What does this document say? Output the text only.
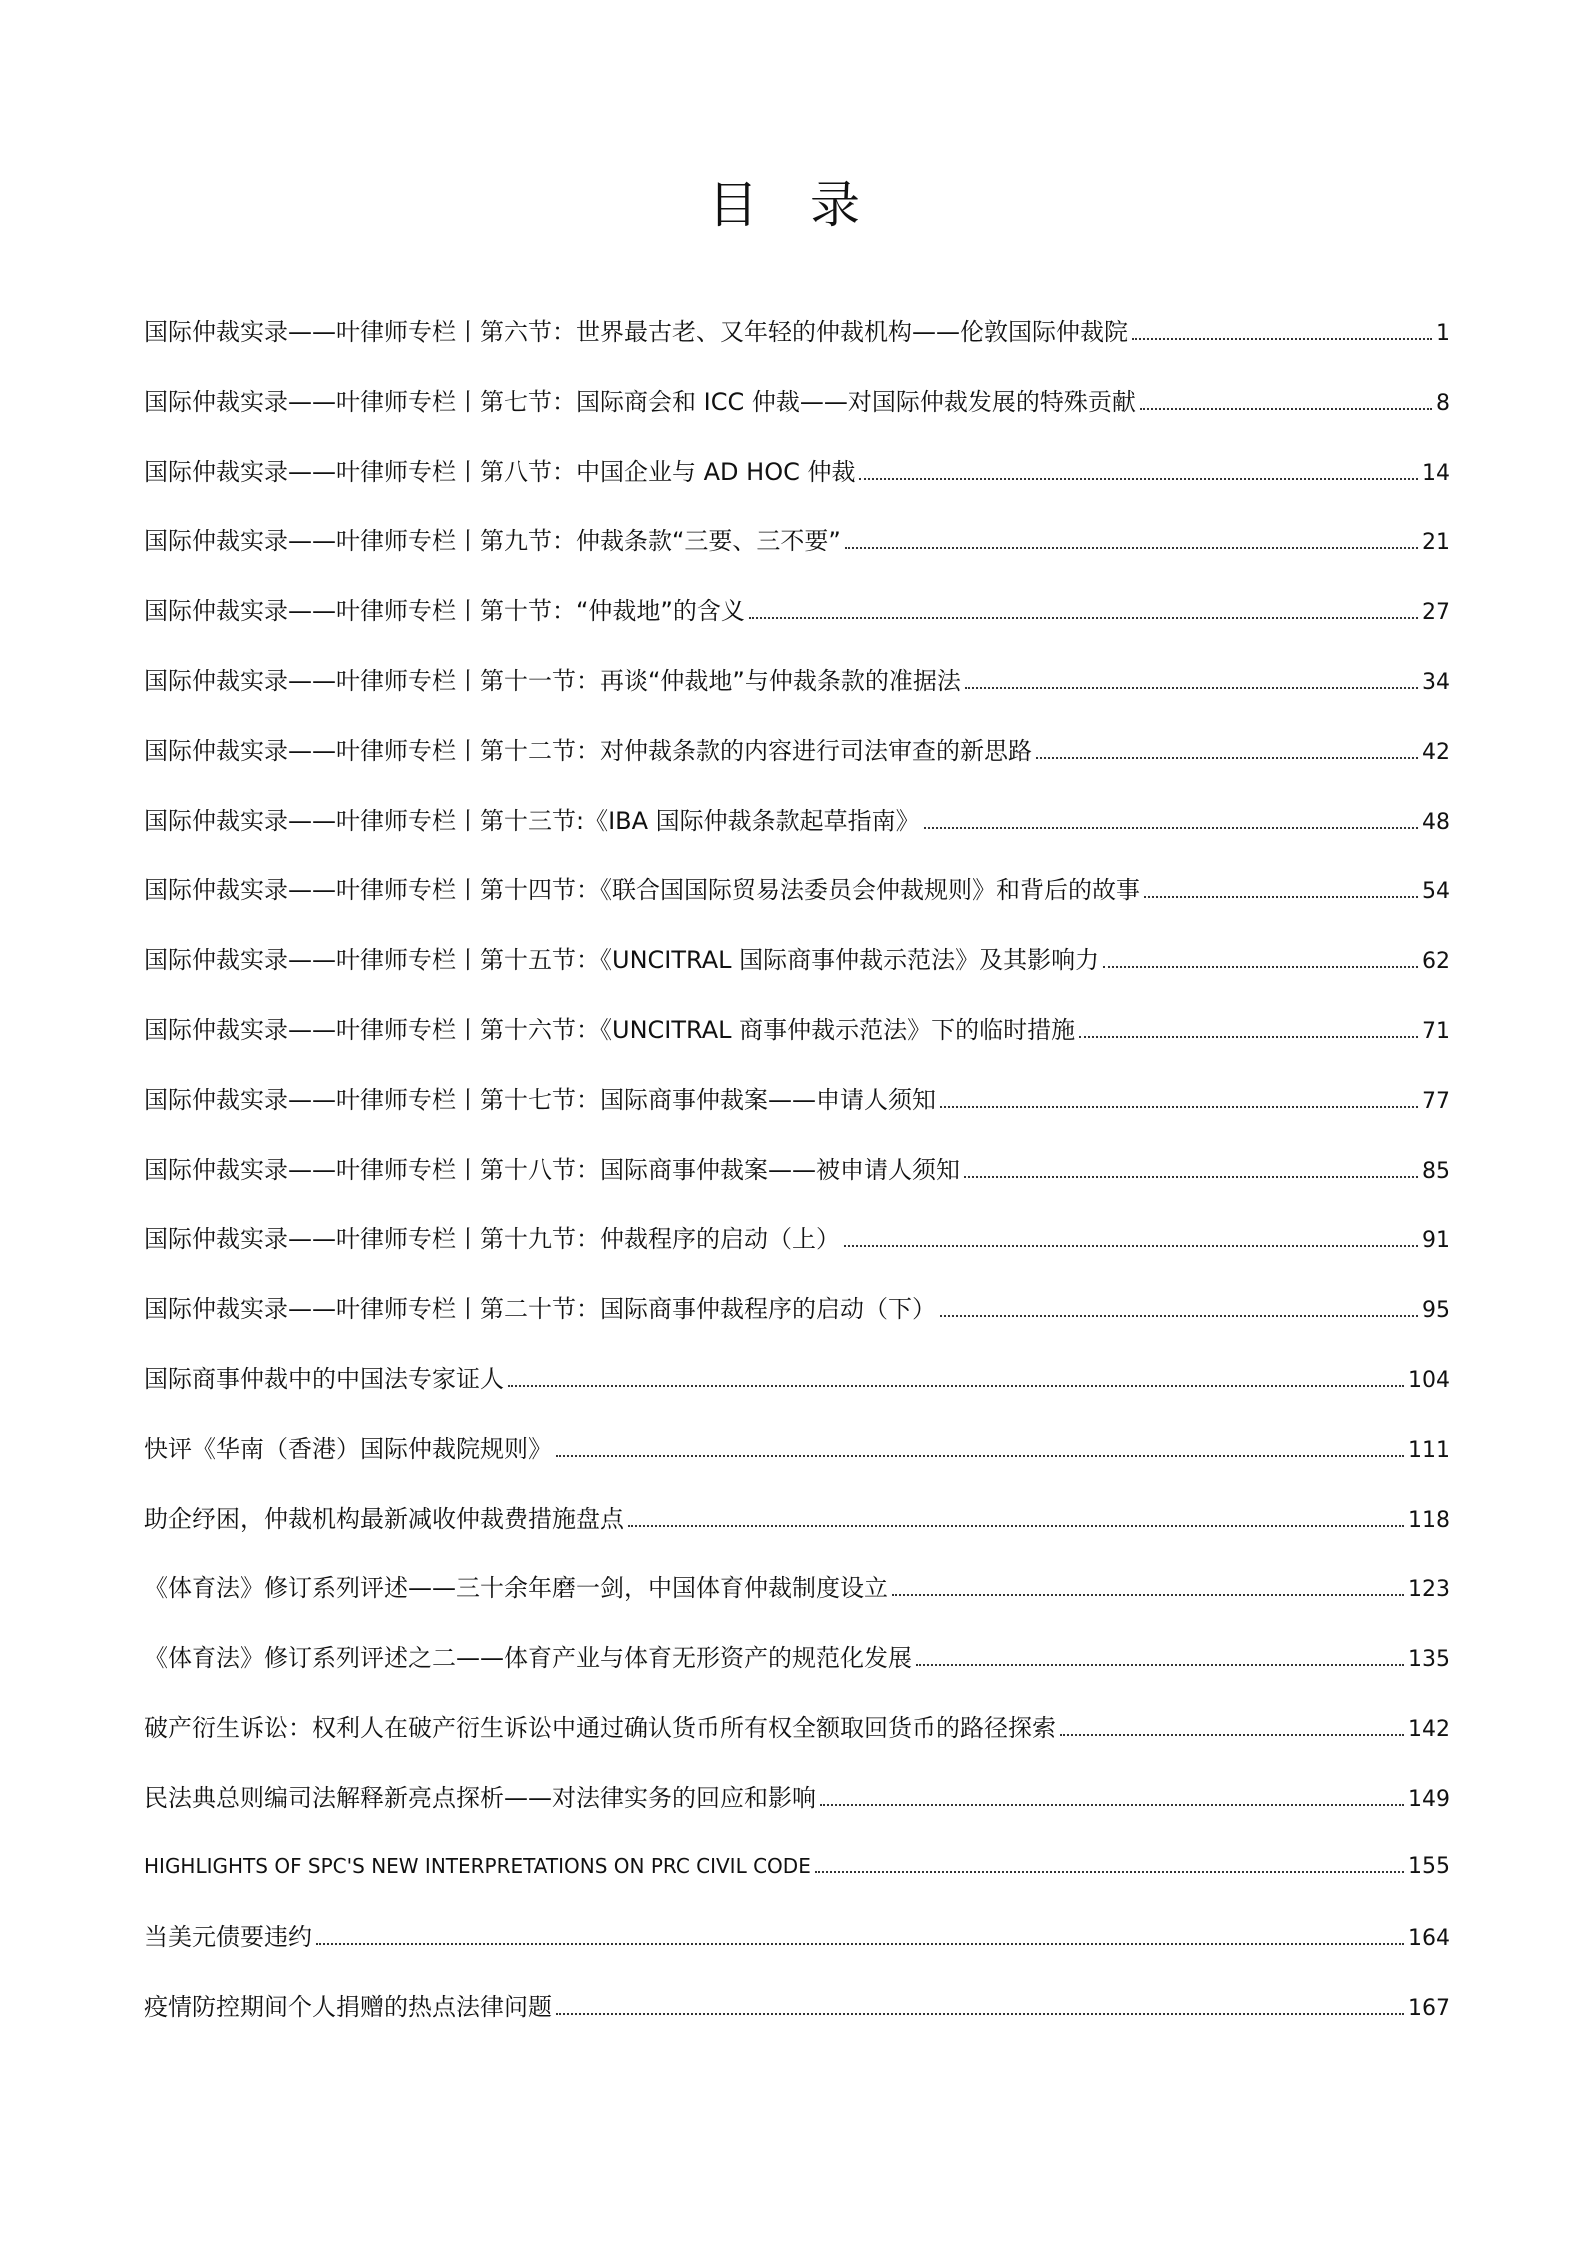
目 录
国际仲裁实录——叶律师专栏丨第六节：世界最古老、又年轻的仲裁机构——伦敦国际仲裁院	1
国际仲裁实录——叶律师专栏丨第七节：国际商会和 ICC 仲裁——对国际仲裁发展的特殊贡献	8
国际仲裁实录——叶律师专栏丨第八节：中国企业与 AD HOC 仲裁	14
国际仲裁实录——叶律师专栏丨第九节：仲裁条款“三要、三不要”	21
国际仲裁实录——叶律师专栏丨第十节：“仲裁地”的含义	27
国际仲裁实录——叶律师专栏丨第十一节：再谈“仲裁地”与仲裁条款的准据法	34
国际仲裁实录——叶律师专栏丨第十二节：对仲裁条款的内容进行司法审查的新思路	42
国际仲裁实录——叶律师专栏丨第十三节:《IBA 国际仲裁条款起草指南》	48
国际仲裁实录——叶律师专栏丨第十四节：《联合国国际贸易法委员会仲裁规则》和背后的故事	54
国际仲裁实录——叶律师专栏丨第十五节：《UNCITRAL 国际商事仲裁示范法》及其影响力	62
国际仲裁实录——叶律师专栏丨第十六节：《UNCITRAL 商事仲裁示范法》下的临时措施	71
国际仲裁实录——叶律师专栏丨第十七节：国际商事仲裁案——申请人须知	77
国际仲裁实录——叶律师专栏丨第十八节：国际商事仲裁案——被申请人须知	85
国际仲裁实录——叶律师专栏丨第十九节：仲裁程序的启动（上）	91
国际仲裁实录——叶律师专栏丨第二十节：国际商事仲裁程序的启动（下）	95
国际商事仲裁中的中国法专家证人	104
快评《华南（香港）国际仲裁院规则》	111
助企纾困，仲裁机构最新减收仲裁费措施盘点	118
《体育法》修订系列评述——三十余年磨一剑，中国体育仲裁制度设立	123
《体育法》修订系列评述之二——体育产业与体育无形资产的规范化发展	135
破产衍生诉讼：权利人在破产衍生诉讼中通过确认货币所有权全额取回货币的路径探索	142
民法典总则编司法解释新亮点探析——对法律实务的回应和影响	149
HIGHLIGHTS OF SPC'S NEW INTERPRETATIONS ON PRC CIVIL CODE	155
当美元债要违约	164
疫情防控期间个人捐赠的热点法律问题	167
